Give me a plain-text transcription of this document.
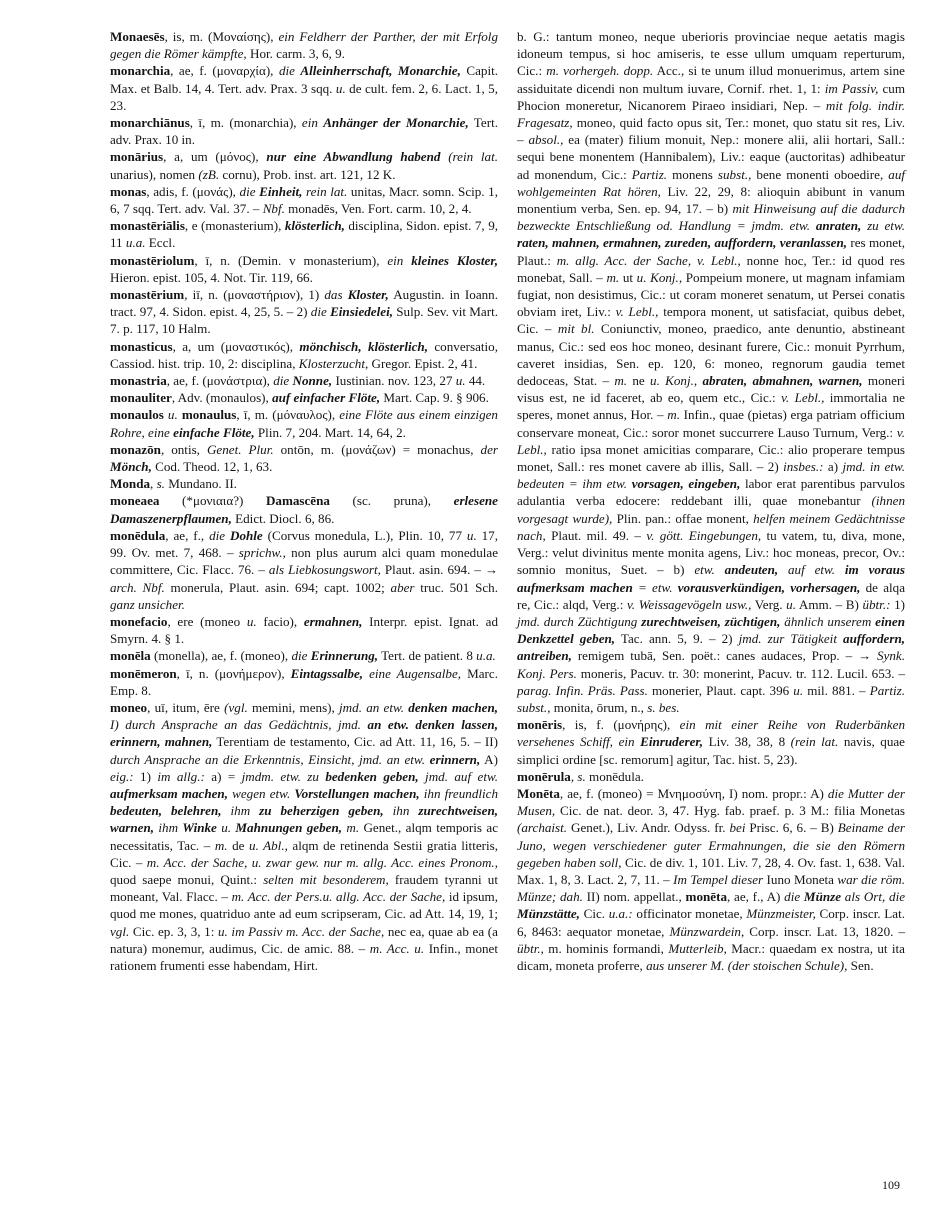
Monaesēs, is, m. (Μοναίσης), ein Feldherr der Parther, der mit Erfolg gegen die Römer kämpfte, Hor. carm. 3, 6, 9.

monarchia, ae, f. (μοναρχία), die Alleinherrschaft, Monarchie, Capit. Max. et Balb. 14, 4. Tert. adv. Prax. 3 sqq. u. de cult. fem. 2, 6. Lact. 1, 5, 23.

monarchiānus, ī, m. (monarchia), ein Anhänger der Monarchie, Tert. adv. Prax. 10 in.

monārius, a, um (μόνος), nur eine Abwandlung habend (rein lat. unarius), nomen (zB. cornu), Prob. inst. art. 121, 12 K.

monas, adis, f. (μονάς), die Einheit, rein lat. unitas, Macr. somn. Scip. 1, 6, 7 sqq. Tert. adv. Val. 37. – Nbf. monadēs, Ven. Fort. carm. 10, 2, 4.

monastēriālis, e (monasterium), klösterlich, disciplina, Sidon. epist. 7, 9, 11 u.a. Eccl.

monastēriolum, ī, n. (Demin. v monasterium), ein kleines Kloster, Hieron. epist. 105, 4. Not. Tir. 119, 66.

monastērium, iī, n. (μοναστήριον), 1) das Kloster, Augustin. in Ioann. tract. 97, 4. Sidon. epist. 4, 25, 5. – 2) die Einsiedelei, Sulp. Sev. vit Mart. 7. p. 117, 10 Halm.

monasticus, a, um (μοναστικός), mönchisch, klösterlich, conversatio, Cassiod. hist. trip. 10, 2: disciplina, Klosterzucht, Gregor. Epist. 2, 41.

monastria, ae, f. (μονάστρια), die Nonne, Iustinian. nov. 123, 27 u. 44.

monauliter, Adv. (monaulos), auf einfacher Flöte, Mart. Cap. 9. § 906.

monaulos u. monaulus, ī, m. (μόναυλος), eine Flöte aus einem einzigen Rohre, eine einfache Flöte, Plin. 7, 204. Mart. 14, 64, 2.

monazōn, ontis, Genet. Plur. ontōn, m. (μονάζων) = monachus, der Mönch, Cod. Theod. 12, 1, 63.

Monda, s. Mundano. II.

moneaea (*μονιαια?) Damascēna (sc. pruna), erlesene Damaszenerpflaumen, Edict. Diocl. 6, 86.

monēdula, ae, f., die Dohle (Corvus monedula, L.), Plin. 10, 77 u. 17, 99. Ov. met. 7, 468. – sprichw., non plus aurum alci quam monedulae committere, Cic. Flacc. 76. – als Liebkosungswort, Plaut. asin. 694. – → arch. Nbf. monerula, Plaut. asin. 694; capt. 1002; aber truc. 501 Sch. ganz unsicher.

monefacio, ere (moneo u. facio), ermahnen, Interpr. epist. Ignat. ad Smyrn. 4. § 1.

monēla (monella), ae, f. (moneo), die Erinnerung, Tert. de patient. 8 u.a.

monēmeron, ī, n. (μονήμερον), Eintagssalbe, eine Augensalbe, Marc. Emp. 8.

moneo, uī, itum, ēre (vgl. memini, mens), jmd. an etw. denken machen, I) durch Ansprache an das Gedächtnis, jmd. an etw. denken lassen, erinnern, mahnen, Terentiam de testamento, Cic. ad Att. 11, 16, 5. – II) durch Ansprache an die Erkenntnis, Einsicht, jmd. an etw. erinnern, A) eig.: 1) im allg.: a) = jmdm. etw. zu bedenken geben, jmd. auf etw. aufmerksam machen, wegen etw. Vorstellungen machen, ihn freundlich bedeuten, belehren, ihm zu beherzigen geben, ihn zurechtweisen, warnen, ihm Winke u. Mahnungen geben, m. Genet., alqm temporis ac necessitatis, Tac. – m. de u. Abl., alqm de retinenda Sestii gratia litteris, Cic. – m. Acc. der Sache, u. zwar gew. nur m. allg. Acc. eines Pronom., quod saepe monui, Quint.: selten mit besonderem, fraudem tyranni ut moneant, Val. Flacc. – m. Acc. der Pers.u. allg. Acc. der Sache, id ipsum, quod me mones, quatriduo ante ad eum scripseram, Cic. ad Att. 14, 19, 1; vgl. Cic. ep. 3, 3, 1: u. im Passiv m. Acc. der Sache, nec ea, quae ab ea (a natura) monemur, audimus, Cic. de amic. 88. – m. Acc. u. Infin., monet rationem frumenti esse habendam, Hirt.

b. G.: tantum moneo, neque uberioris provinciae neque aetatis magis idoneum tempus, si hoc amiseris, te esse ullum umquam reperturum, Cic.: m. vorhergeh. dopp. Acc., si te unum illud monuerimus, artem sine assiduitate dicendi non multum iuvare, Cornif. rhet. 1, 1: im Passiv, cum Phocion moneretur, Nicanorem Piraeo insidiari, Nep. – mit folg. indir. Fragesatz, moneo, quid facto opus sit, Ter.: monet, quo statu sit res, Liv. – absol., ea (mater) filium monuit, Nep.: monere alii, alii hortari, Sall.: sequi bene monentem (Hannibalem), Liv.: eaque (auctoritas) adhibeatur ad monendum, Cic.: Partiz. monens subst., bene monenti oboedire, auf wohlgemeinten Rat hören, Liv. 22, 29, 8: alioquin abibunt in vanum monentium verba, Sen. ep. 94, 17. – b) mit Hinweisung auf die dadurch bezweckte Entschließung od. Handlung = jmdm. etw. anraten, zu etw. raten, mahnen, ermahnen, zureden, auffordern, veranlassen, res monet, Plaut.: m. allg. Acc. der Sache, v. Lebl., nonne hoc, Ter.: id quod res monebat, Sall. – m. ut u. Konj., Pompeium monere, ut magnam infamiam fugiat, non desistimus, Cic.: ut coram moneret senatum, ut Persei conatis obviam iret, Liv.: v. Lebl., tempora monent, ut satisfaciat, quibus debet, Cic. – mit bl. Coniunctiv, moneo, praedico, ante denuntio, abstineant manus, Cic.: sed eos hoc moneo, desinant furere, Cic.: monuit Pyrrhum, caveret insidias, Sen. ep. 120, 6: moneo, regnorum gaudia temet dedoceas, Stat. – m. ne u. Konj., abraten, abmahnen, warnen, moneri visus est, ne id faceret, ab eo, quem etc., Cic.: v. Lebl., immortalia ne speres, monet annus, Hor. – m. Infin., quae (pietas) erga patriam officium conservare moneat, Cic.: soror monet succurrere Lauso Turnum, Verg.: v. Lebl., ratio ipsa monet amicitias comparare, Cic.: alio properare tempus monet, Sall.: res monet cavere ab illis, Sall. – 2) insbes.: a) jmd. in etw. bedeuten = ihm etw. vorsagen, eingeben, labor erat parentibus parvulos adulantia verba edocere: reddebant illi, quae monebantur (ihnen vorgesagt wurde), Plin. pan.: offae monent, helfen meinem Gedächtnisse nach, Plaut. mil. 49. – v. gött. Eingebungen, tu vatem, tu, diva, mone, Verg.: velut divinitus mente monita agens, Liv.: hoc moneas, precor, Ov.: somnio monitus, Suet. – b) etw. andeuten, auf etw. im voraus aufmerksam machen = etw. vorausverkündigen, vorhersagen, de alqa re, Cic.: alqd, Verg.: v. Weissagevögeln usw., Verg. u. Amm. – B) übtr.: 1) jmd. durch Züchtigung zurechtweisen, züchtigen, ähnlich unserem einen Denkzettel geben, Tac. ann. 5, 9. – 2) jmd. zur Tätigkeit auffordern, antreiben, remigem tubā, Sen. poët.: canes audaces, Prop. – → Synk. Konj. Pers. moneris, Pacuv. tr. 30: monerint, Pacuv. tr. 112. Lucil. 653. – parag. Infin. Präs. Pass. monerier, Plaut. capt. 396 u. mil. 881. – Partiz. subst., monita, ōrum, n., s. bes.

monēris, is, f. (μονήρης), ein mit einer Reihe von Ruderbänken versehenes Schiff, ein Einruderer, Liv. 38, 38, 8 (rein lat. navis, quae simplici ordine [sc. remorum] agitur, Tac. hist. 5, 23).

monērula, s. monēdula.

Monēta, ae, f. (moneo) = Μνημοσύνη, I) nom. propr.: A) die Mutter der Musen, Cic. de nat. deor. 3, 47. Hyg. fab. praef. p. 3 M.: filia Monetas (archaist. Genet.), Liv. Andr. Odyss. fr. bei Prisc. 6, 6. – B) Beiname der Juno, wegen verschiedener guter Ermahnungen, die sie den Römern gegeben haben soll, Cic. de div. 1, 101. Liv. 7, 28, 4. Ov. fast. 1, 638. Val. Max. 1, 8, 3. Lact. 2, 7, 11. – Im Tempel dieser Iuno Moneta war die röm. Münze; dah. II) nom. appellat., monēta, ae, f., A) die Münze als Ort, die Münzstätte, Cic. u.a.: officinator monetae, Münzmeister, Corp. inscr. Lat. 6, 8463: aequator monetae, Münzwardein, Corp. inscr. Lat. 13, 1820. – übtr., m. hominis formandi, Mutterleib, Macr.: quaedam ex nostra, ut ita dicam, moneta proferre, aus unserer M. (der stoischen Schule), Sen.

109
